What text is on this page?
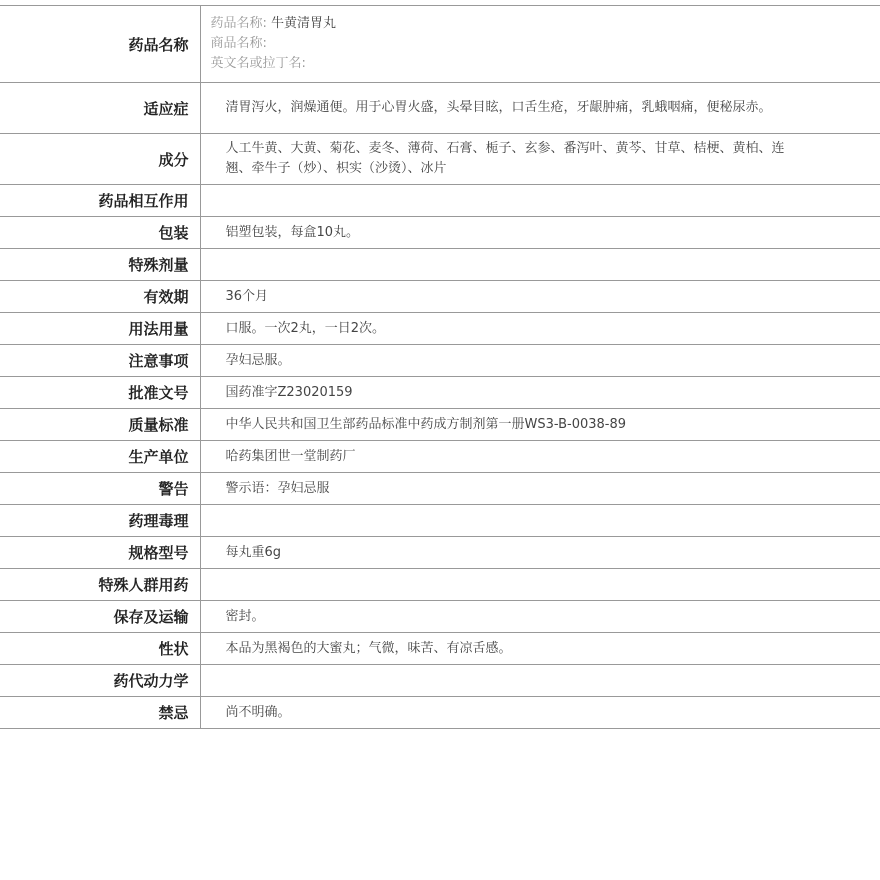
药品名称	药品名称: 牛黄清胃丸
商品名称:
英文名或拉丁名:

适应症	清胃泻火，润燥通便。用于心胃火盛，头晕目眩，口舌生疮，牙龈肿痛，乳蛾咽痛，便秘尿赤。
成分	人工牛黄、大黄、菊花、麦冬、薄荷、石膏、栀子、玄参、番泻叶、黄芩、甘草、桔梗、黄柏、连翘、牵牛子（炒）、枳实（沙烫）、冰片
药品相互作用	
包装	铝塑包装，每盒10丸。
特殊剂量	
有效期	36个月
用法用量	口服。一次2丸，一日2次。
注意事项	孕妇忌服。
批准文号	国药准字Z23020159
质量标准	中华人民共和国卫生部药品标准中药成方制剂第一册WS3-B-0038-89
生产单位	哈药集团世一堂制药厂
警告	警示语：孕妇忌服
药理毒理	
规格型号	每丸重6g
特殊人群用药	
保存及运输	密封。
性状	本品为黑褐色的大蜜丸；气微，味苦、有凉舌感。
药代动力学	
禁忌	尚不明确。
